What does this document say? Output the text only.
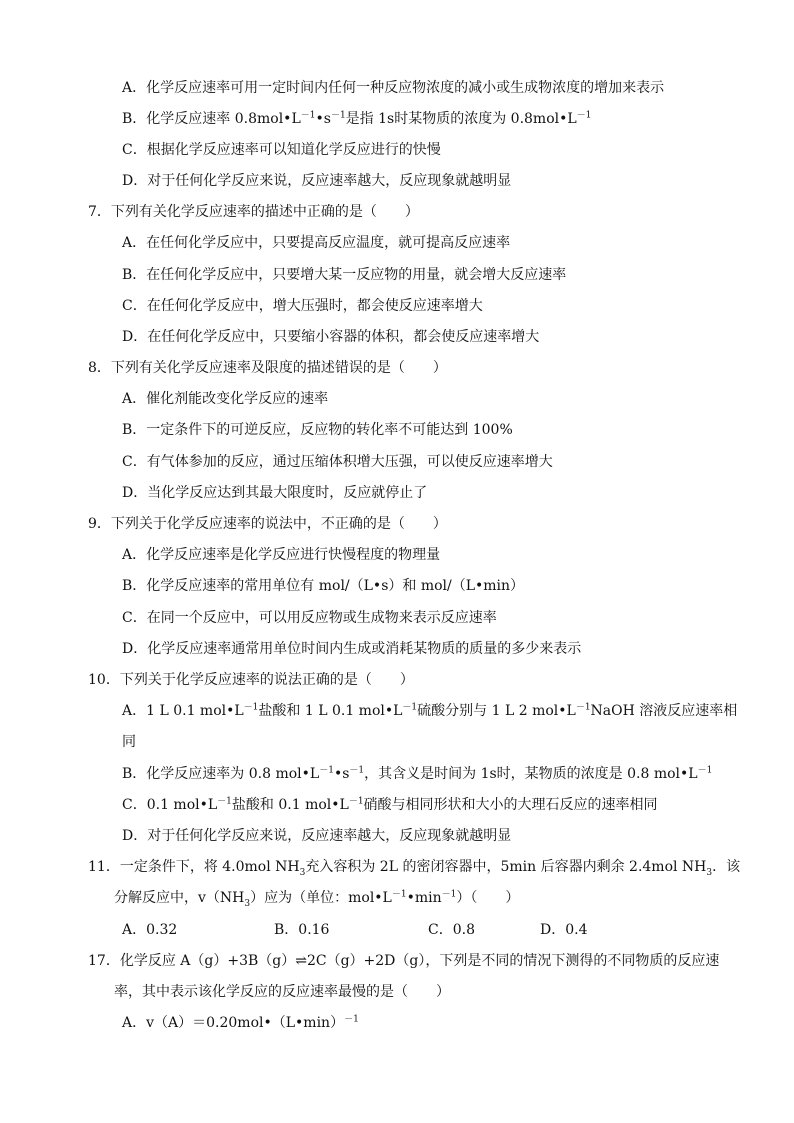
A．化学反应速率可用一定时间内任何一种反应物浓度的减小或生成物浓度的增加来表示
B．化学反应速率 $0.8mol•L^{-1}•s^{-1}$是指 1s时某物质的浓度为 $0.8mol•L^{-1}$
C．根据化学反应速率可以知道化学反应进行的快慢
D．对于任何化学反应来说，反应速率越大，反应现象就越明显
7．下列有关化学反应速率的描述中正确的是（　　）
A．在任何化学反应中，只要提高反应温度，就可提高反应速率
B．在任何化学反应中，只要增大某一反应物的用量，就会增大反应速率
C．在任何化学反应中，增大压强时，都会使反应速率增大
D．在任何化学反应中，只要缩小容器的体积，都会使反应速率增大
8．下列有关化学反应速率及限度的描述错误的是（　　）
A．催化剂能改变化学反应的速率
B．一定条件下的可逆反应，反应物的转化率不可能达到 100%
C．有气体参加的反应，通过压缩体积增大压强，可以使反应速率增大
D．当化学反应达到其最大限度时，反应就停止了
9．下列关于化学反应速率的说法中，不正确的是（　　）
A．化学反应速率是化学反应进行快慢程度的物理量
B．化学反应速率的常用单位有 mol/（L•s）和 mol/（L•min）
C．在同一个反应中，可以用反应物或生成物来表示反应速率
D．化学反应速率通常用单位时间内生成或消耗某物质的质量的多少来表示
10．下列关于化学反应速率的说法正确的是（　　）
A．1 L 0.1 $mol•L^{-1}$盐酸和 1 L 0.1 $mol•L^{-1}$硫酸分别与 1 L 2 $mol•L^{-1}NaOH$ 溶液反应速率相
同
B．化学反应速率为 0.8 $mol•L^{-1}•s^{-1}$，其含义是时间为 1s时，某物质的浓度是 0.8 $mol•L^{-1}$
C．0.1 $mol•L^{-1}$盐酸和 0.1 $mol•L^{-1}$硝酸与相同形状和大小的大理石反应的速率相同
D．对于任何化学反应来说，反应速率越大，反应现象就越明显
11．一定条件下，将 4.0mol $NH_3$充入容积为 2L 的密闭容器中，5min 后容器内剩余 2.4mol $NH_3$．该
分解反应中，$v(NH_3)$应为（单位：$mol•L^{-1}•\min^{-1}$）（　　）
A．0.32	B．0.16	C．0.8	D．0.4
17．化学反应 A（g）+3B（g）⇌2C（g）+2D（g），下列是不同的情况下测得的不同物质的反应速
率，其中表示该化学反应的反应速率最慢的是（　　）
A．v（A）＝0.20mol•（L•min）$^{-1}$
